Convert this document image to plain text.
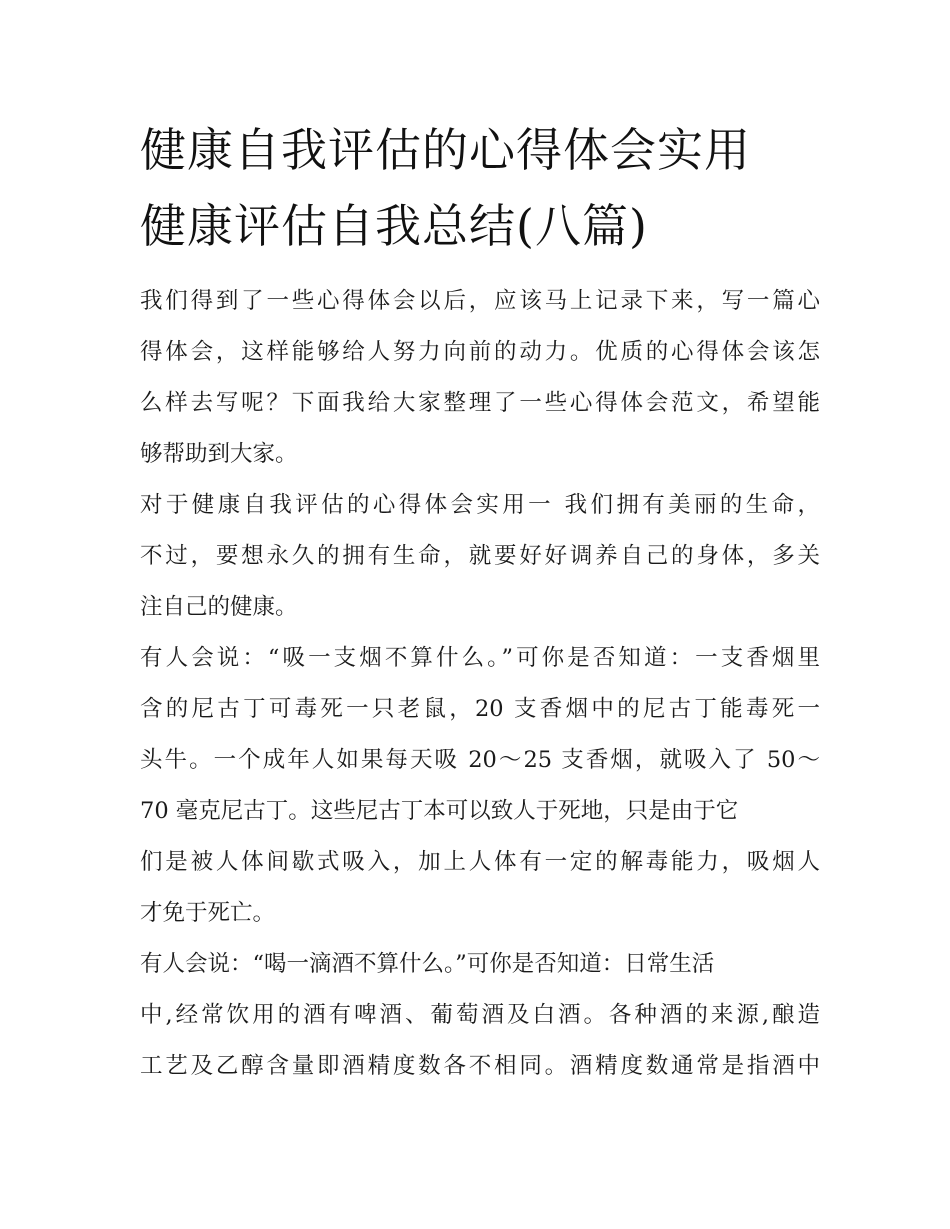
健康自我评估的心得体会实用
健康评估自我总结(八篇)
我们得到了一些心得体会以后，应该马上记录下来，写一篇心
得体会，这样能够给人努力向前的动力。优质的心得体会该怎
么样去写呢？下面我给大家整理了一些心得体会范文，希望能
够帮助到大家。
对于健康自我评估的心得体会实用一 我们拥有美丽的生命，
不过，要想永久的拥有生命，就要好好调养自己的身体，多关
注自己的健康。
有人会说：“吸一支烟不算什么。”可你是否知道：一支香烟里
含的尼古丁可毒死一只老鼠，20 支香烟中的尼古丁能毒死一
头牛。一个成年人如果每天吸 20～25 支香烟，就吸入了 50～
70 毫克尼古丁。这些尼古丁本可以致人于死地，只是由于它
们是被人体间歇式吸入，加上人体有一定的解毒能力，吸烟人
才免于死亡。
有人会说：“喝一滴酒不算什么。”可你是否知道：日常生活
中,经常饮用的酒有啤酒、葡萄酒及白酒。各种酒的来源,酿造
工艺及乙醇含量即酒精度数各不相同。酒精度数通常是指酒中
